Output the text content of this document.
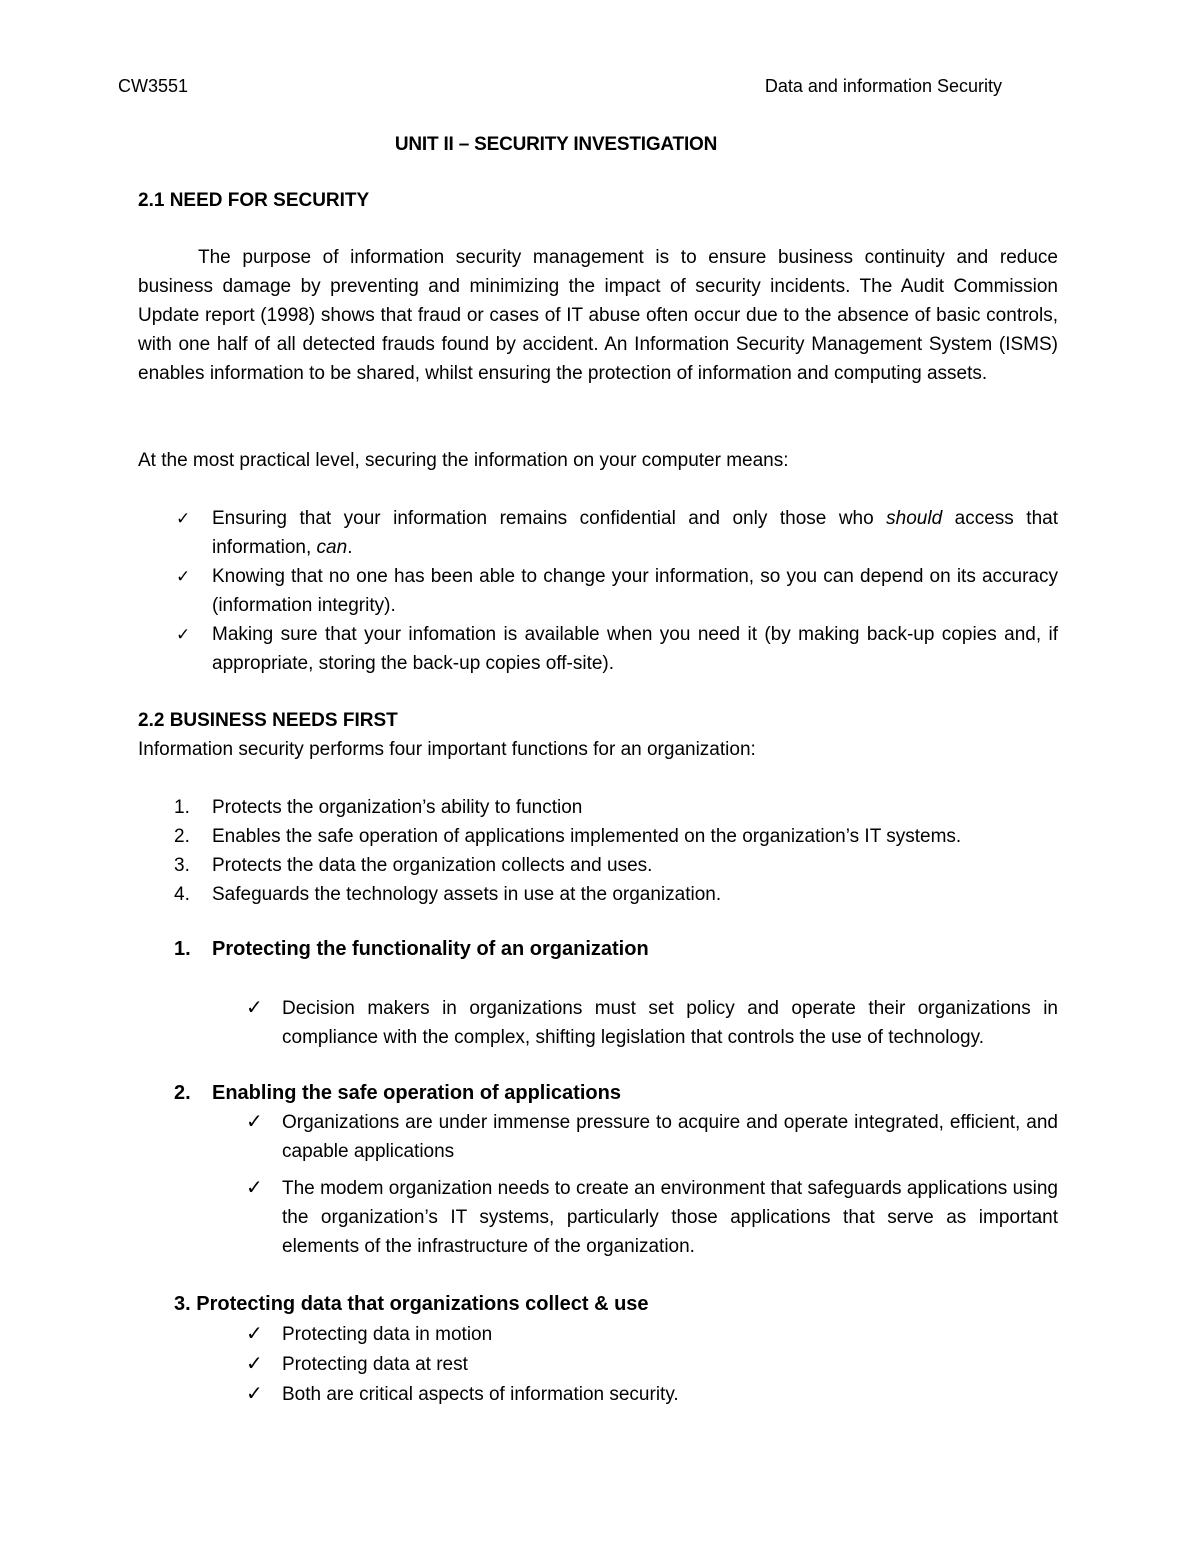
CW3551	Data and information Security
UNIT II – SECURITY INVESTIGATION
2.1 NEED FOR SECURITY
The purpose of information security management is to ensure business continuity and reduce business damage by preventing and minimizing the impact of security incidents. The Audit Commission Update report (1998) shows that fraud or cases of IT abuse often occur due to the absence of basic controls, with one half of all detected frauds found by accident. An Information Security Management System (ISMS) enables information to be shared, whilst ensuring the protection of information and computing assets.
At the most practical level, securing the information on your computer means:
✓ Ensuring that your information remains confidential and only those who should access that information, can.
✓ Knowing that no one has been able to change your information, so you can depend on its accuracy (information integrity).
✓ Making sure that your infomation is available when you need it (by making back-up copies and, if appropriate, storing the back-up copies off-site).
2.2 BUSINESS NEEDS FIRST
Information security performs four important functions for an organization:
1. Protects the organization’s ability to function
2. Enables the safe operation of applications implemented on the organization’s IT systems.
3. Protects the data the organization collects and uses.
4. Safeguards the technology assets in use at the organization.
1. Protecting the functionality of an organization
✓ Decision makers in organizations must set policy and operate their organizations in compliance with the complex, shifting legislation that controls the use of technology.
2. Enabling the safe operation of applications
✓ Organizations are under immense pressure to acquire and operate integrated, efficient, and capable applications
✓ The modem organization needs to create an environment that safeguards applications using the organization’s IT systems, particularly those applications that serve as important elements of the infrastructure of the organization.
3. Protecting data that organizations collect & use
✓ Protecting data in motion
✓ Protecting data at rest
✓ Both are critical aspects of information security.
